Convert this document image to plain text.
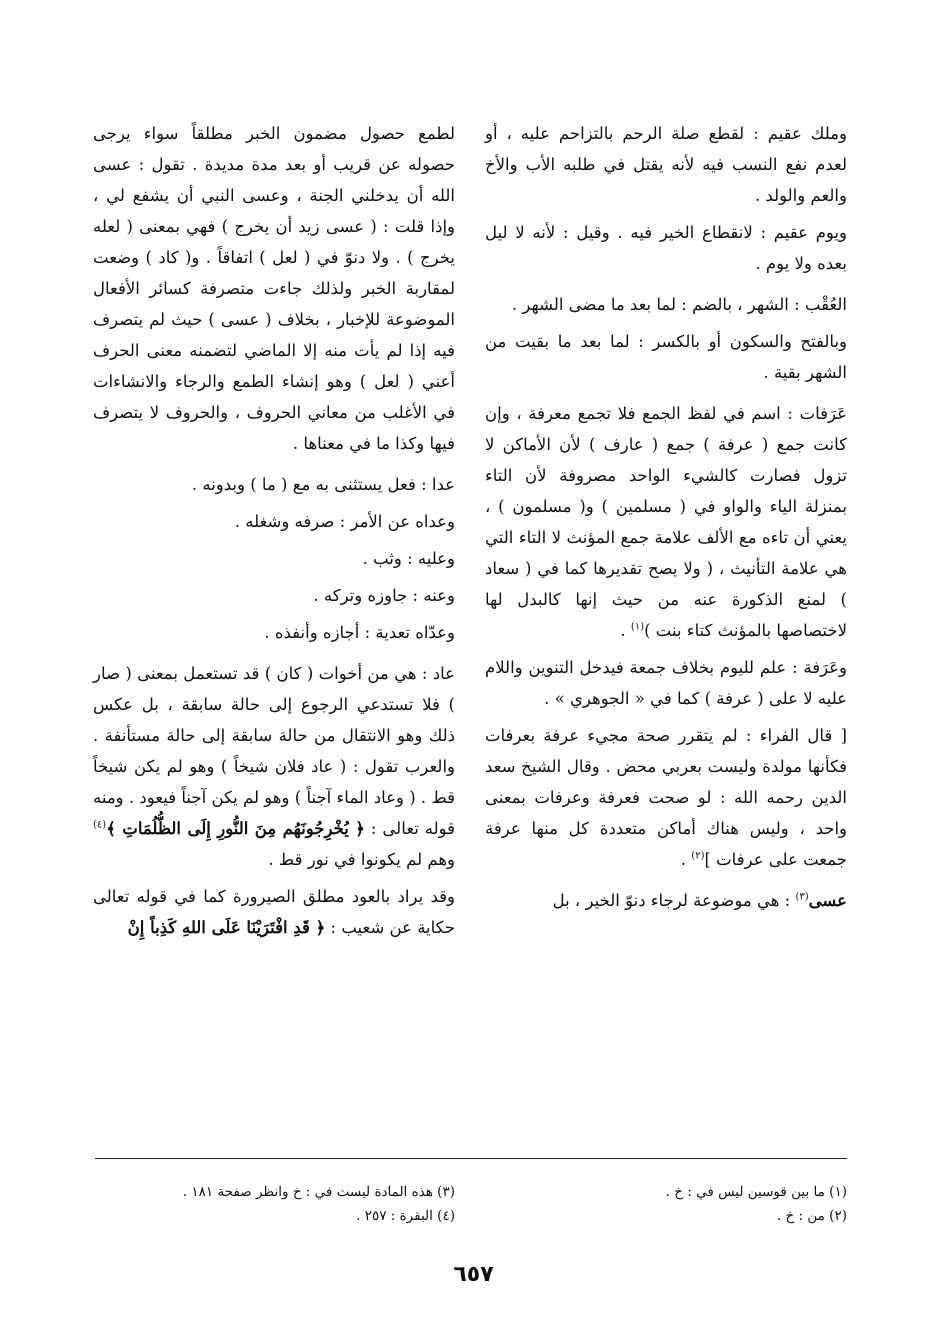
وملك عقيم : لقطع صلة الرحم بالتزاحم عليه ، أو لعدم نفع النسب فيه لأنه يقتل في طلبه الأب والأخ والعم والولد .

ويوم عقيم : لانقطاع الخير فيه . وقيل : لأنه لا ليل بعده ولا يوم .

العُقْب : الشهر ، بالضم : لما بعد ما مضى الشهر .

وبالفتح والسكون أو بالكسر : لما بعد ما بقيت من الشهر بقية .

عَرَفات : اسم في لفظ الجمع فلا تجمع معرفة ، وإن كانت جمع ( عرفة ) جمع ( عارف ) لأن الأماكن لا تزول فصارت كالشيء الواحد مصروفة لأن التاء بمنزلة الياء والواو في ( مسلمين ) و( مسلمون ) ، يعني أن تاءه مع الألف علامة جمع المؤنث لا التاء التي هي علامة التأنيث ، ( ولا يصح تقديرها كما في ( سعاد ) لمنع الذكورة عنه من حيث إنها كالبدل لها لاختصاصها بالمؤنث كتاء بنت )$^{(١)}$ .

وعَرَفة : علم لليوم بخلاف جمعة فيدخل التنوين واللام عليه لا على ( عرفة ) كما في « الجوهري » .

[ قال الفراء : لم يتقرر صحة مجيء عرفة بعرفات فكأنها مولدة وليست بعربي محض . وقال الشيخ سعد الدين رحمه الله : لو صحت فعرفة وعرفات بمعنى واحد ، وليس هناك أماكن متعددة كل منها عرفة جمعت على عرفات ]$^{(٢)}$ .

عسى$^{(٣)}$ : هي موضوعة لرجاء دنوّ الخير ، بل

لطمع حصول مضمون الخبر مطلقاً سواء يرجى حصوله عن قريب أو بعد مدة مديدة . تقول : عسى الله أن يدخلني الجنة ، وعسى النبي أن يشفع لي ، وإذا قلت : ( عسى زيد أن يخرج ) فهي بمعنى ( لعله يخرج ) . ولا دنوّ في ( لعل ) اتفاقاً . و( كاد ) وضعت لمقاربة الخبر ولذلك جاءت متصرفة كسائر الأفعال الموضوعة للإخبار ، بخلاف ( عسى ) حيث لم يتصرف فيه إذا لم يأت منه إلا الماضي لتضمنه معنى الحرف أعني ( لعل ) وهو إنشاء الطمع والرجاء والانشاءات في الأغلب من معاني الحروف ، والحروف لا يتصرف فيها وكذا ما في معناها .

عدا : فعل يستثنى به مع ( ما ) وبدونه .

وعداه عن الأمر : صرفه وشغله .

وعليه : وثب .

وعنه : جاوزه وتركه .

وعدّاه تعدية : أجازه وأنفذه .

عاد : هي من أخوات ( كان ) قد تستعمل بمعنى ( صار ) فلا تستدعي الرجوع إلى حالة سابقة ، بل عكس ذلك وهو الانتقال من حالة سابقة إلى حالة مستأنفة . والعرب تقول : ( عاد فلان شيخاً ) وهو لم يكن شيخاً قط . ( وعاد الماء آجناً ) وهو لم يكن آجناً فيعود . ومنه قوله تعالى : ﴿ يُخْرِجُونَهُم مِنَ النُّورِ إِلَى الظُّلُمَاتِ ﴾$^{(٤)}$ وهم لم يكونوا في نور قط .

وقد يراد بالعود مطلق الصيرورة كما في قوله تعالى حكاية عن شعيب : ﴿ قَدِ افْتَرَيْنَا عَلَى اللهِ كَذِباً إِنْ

(١) ما بين قوسين ليس في : خ .
(٢) من : خ .
(٣) هذه المادة ليست في : خ وانظر صفحة ١٨١ .
(٤) البقرة : ٢٥٧ .
٦٥٧
